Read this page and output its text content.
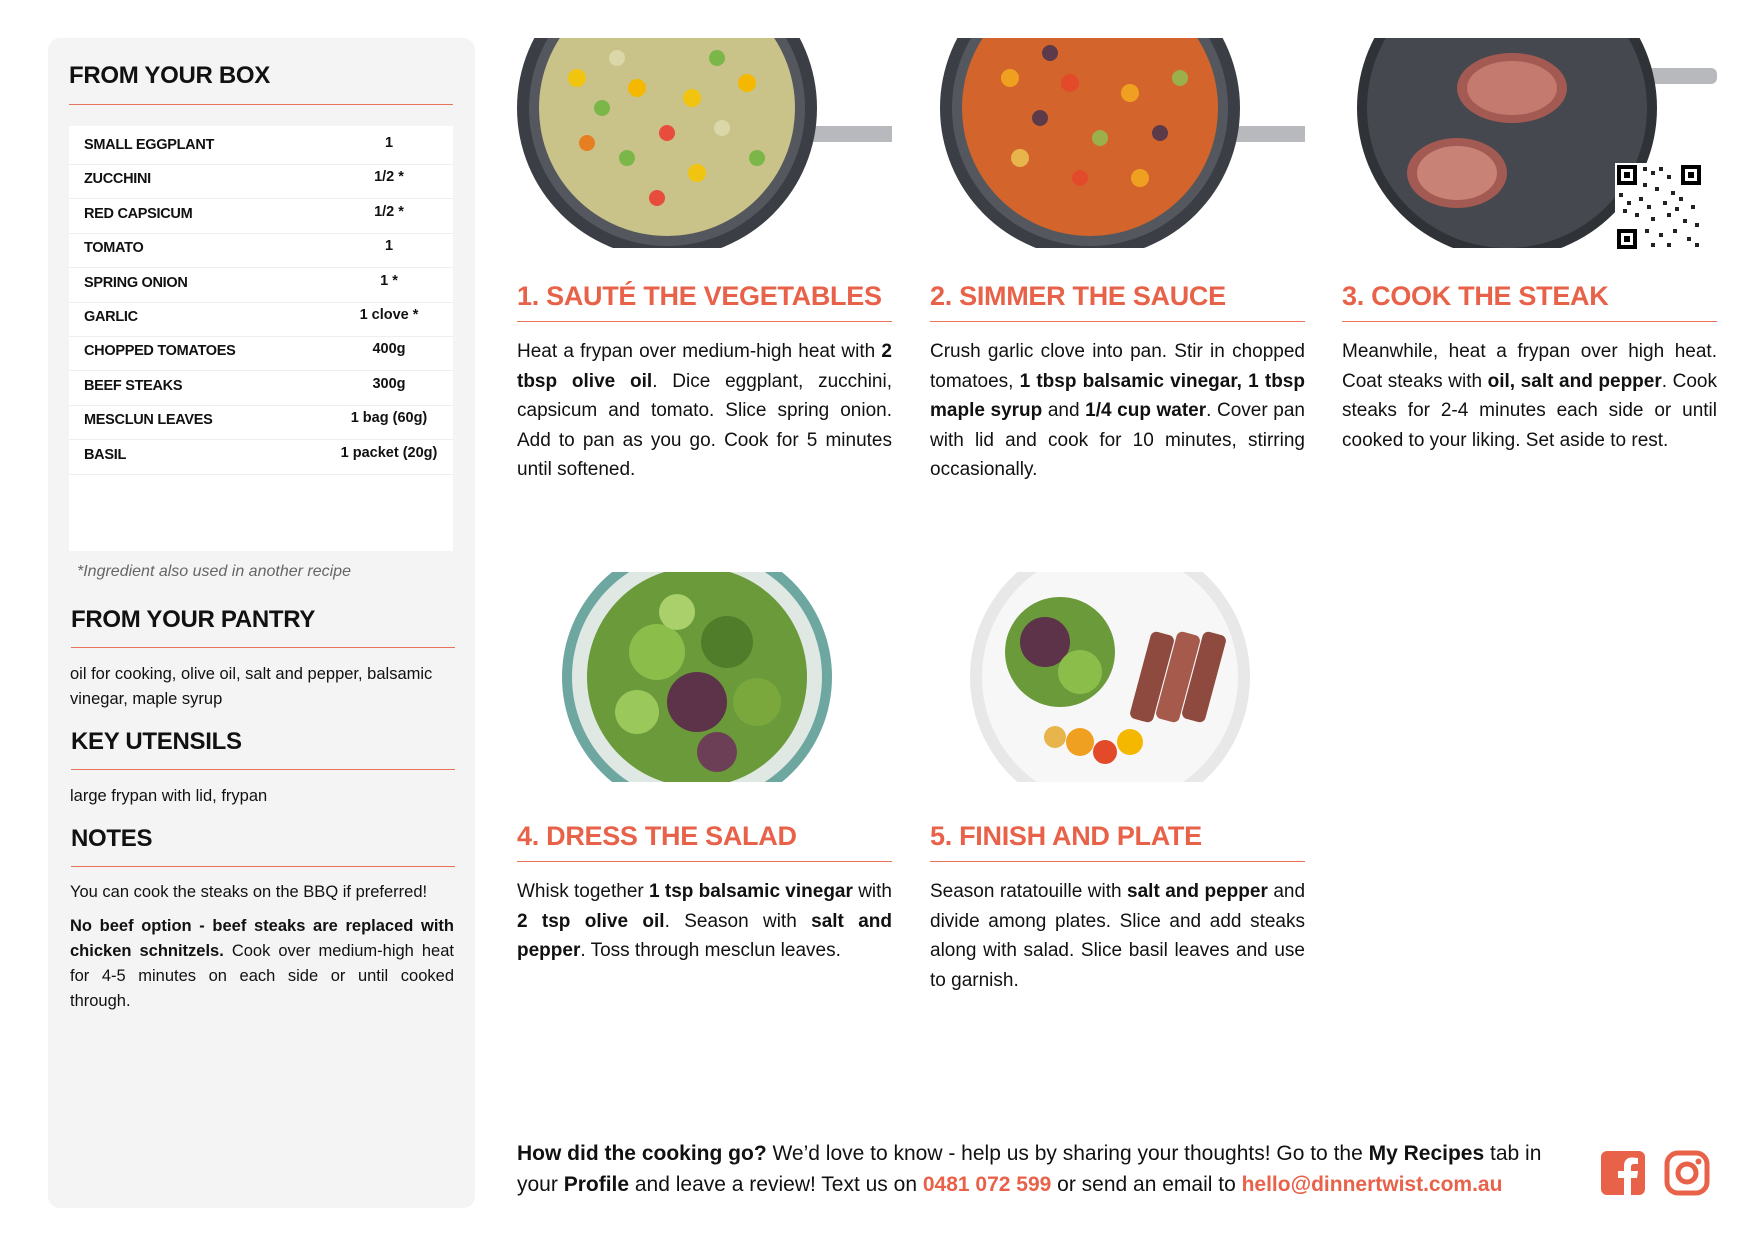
FROM YOUR BOX
SMALL EGGPLANT	1
ZUCCHINI	1/2 *
RED CAPSICUM	1/2 *
TOMATO	1
SPRING ONION	1 *
GARLIC	1 clove *
CHOPPED TOMATOES	400g
BEEF STEAKS	300g
MESCLUN LEAVES	1 bag (60g)
BASIL	1 packet (20g)
*Ingredient also used in another recipe
FROM YOUR PANTRY
oil for cooking, olive oil, salt and pepper, balsamic vinegar, maple syrup
KEY UTENSILS
large frypan with lid, frypan
NOTES
You can cook the steaks on the BBQ if preferred!
No beef option - beef steaks are replaced with chicken schnitzels. Cook over medium-high heat for 4-5 minutes on each side or until cooked through.
1. SAUTÉ THE VEGETABLES
Heat a frypan over medium-high heat with 2 tbsp olive oil. Dice eggplant, zucchini, capsicum and tomato. Slice spring onion. Add to pan as you go. Cook for 5 minutes until softened.
2. SIMMER THE SAUCE
Crush garlic clove into pan. Stir in chopped tomatoes, 1 tbsp balsamic vinegar, 1 tbsp maple syrup and 1/4 cup water. Cover pan with lid and cook for 10 minutes, stirring occasionally.
3. COOK THE STEAK
Meanwhile, heat a frypan over high heat. Coat steaks with oil, salt and pepper. Cook steaks for 2-4 minutes each side or until cooked to your liking. Set aside to rest.
4. DRESS THE SALAD
Whisk together 1 tsp balsamic vinegar with 2 tsp olive oil. Season with salt and pepper. Toss through mesclun leaves.
5. FINISH AND PLATE
Season ratatouille with salt and pepper and divide among plates. Slice and add steaks along with salad. Slice basil leaves and use to garnish.
How did the cooking go? We’d love to know - help us by sharing your thoughts! Go to the My Recipes tab in your Profile and leave a review! Text us on 0481 072 599 or send an email to hello@dinnertwist.com.au
